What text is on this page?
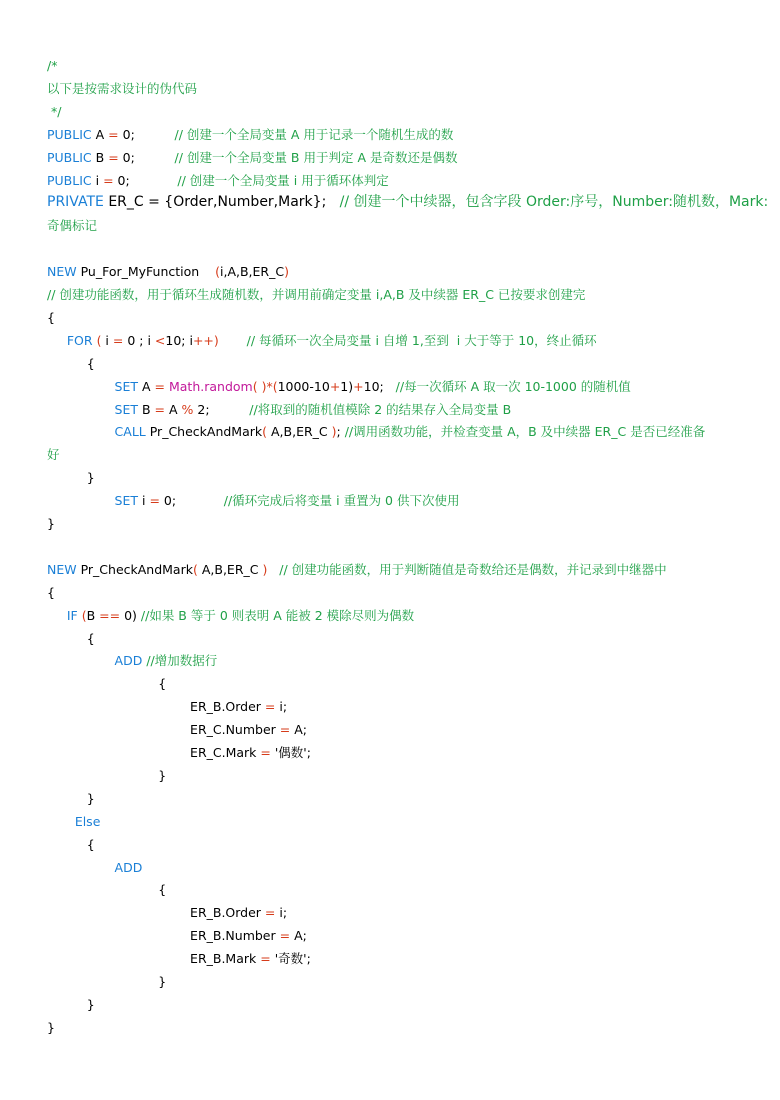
/*
以下是按需求设计的伪代码
*/
PUBLIC A = 0;          // 创建一个全局变量 A 用于记录一个随机生成的数
PUBLIC B = 0;          // 创建一个全局变量 B 用于判定 A 是奇数还是偶数
PUBLIC i = 0;            // 创建一个全局变量 i 用于循环体判定
PRIVATE ER_C = {Order,Number,Mark};   // 创建一个中续器，包含字段 Order:序号，Number:随机数，Mark:
奇偶标记
NEW Pu_For_MyFunction    (i,A,B,ER_C)
// 创建功能函数，用于循环生成随机数，并调用前确定变量 i,A,B 及中续器 ER_C 已按要求创建完
{
FOR ( i = 0 ; i <10; i++)       // 每循环一次全局变量 i 自增 1,至到  i 大于等于 10，终止循环
{
SET A = Math.random( )*(1000-10+1)+10;   //每一次循环 A 取一次 10-1000 的随机值
SET B = A % 2;          //将取到的随机值模除 2 的结果存入全局变量 B
CALL Pr_CheckAndMark( A,B,ER_C ); //调用函数功能，并检查变量 A，B 及中续器 ER_C 是否已经准备
好
}
SET i = 0;            //循环完成后将变量 i 重置为 0 供下次使用
}
NEW Pr_CheckAndMark( A,B,ER_C )   // 创建功能函数，用于判断随值是奇数给还是偶数，并记录到中继器中
{
IF (B == 0) //如果 B 等于 0 则表明 A 能被 2 模除尽则为偶数
{
ADD //增加数据行
{
ER_B.Order = i;
ER_C.Number = A;
ER_C.Mark = '偶数';
}
}
Else
{
ADD
{
ER_B.Order = i;
ER_B.Number = A;
ER_B.Mark = '奇数';
}
}
}
